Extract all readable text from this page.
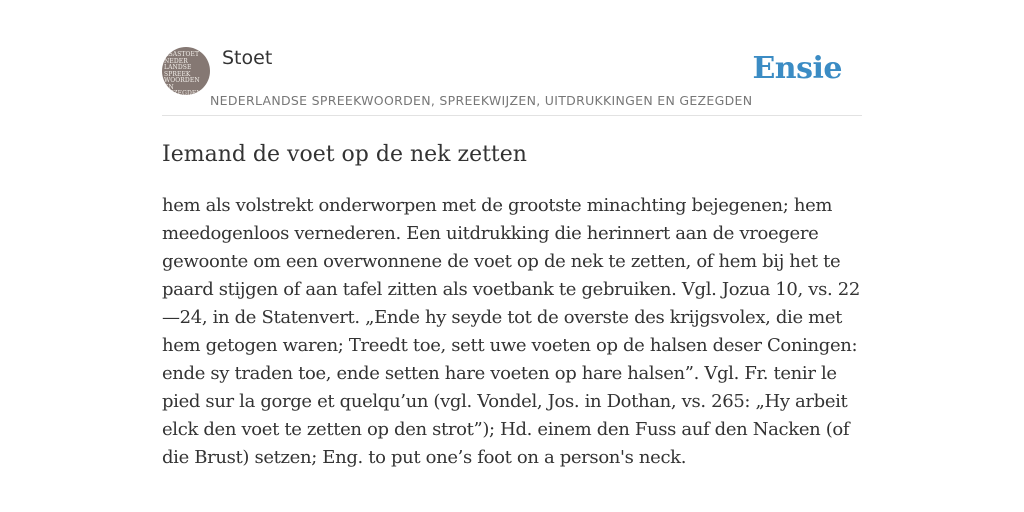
KSASTOET
NEDER
LANDSE
SPREEK
WOORDEN EN
GEZEGDEN
Stoet	Ensie
NEDERLANDSE SPREEKWOORDEN, SPREEKWIJZEN, UITDRUKKINGEN EN GEZEGDEN
Iemand de voet op de nek zetten

hem als volstrekt onderworpen met de grootste minachting bejegenen; hem meedogenloos vernederen. Een uitdrukking die herinnert aan de vroegere gewoonte om een overwonnene de voet op de nek te zetten, of hem bij het te paard stijgen of aan tafel zitten als voetbank te gebruiken. Vgl. Jozua 10, vs. 22—24, in de Statenvert. „Ende hy seyde tot de overste des krijgsvolex, die met hem getogen waren; Treedt toe, sett uwe voeten op de halsen deser Coningen: ende sy traden toe, ende setten hare voeten op hare halsen”. Vgl. Fr. tenir le pied sur la gorge et quelqu’un (vgl. Vondel, Jos. in Dothan, vs. 265: „Hy arbeit elck den voet te zetten op den strot”); Hd. einem den Fuss auf den Nacken (of die Brust) setzen; Eng. to put one’s foot on a person's neck.
